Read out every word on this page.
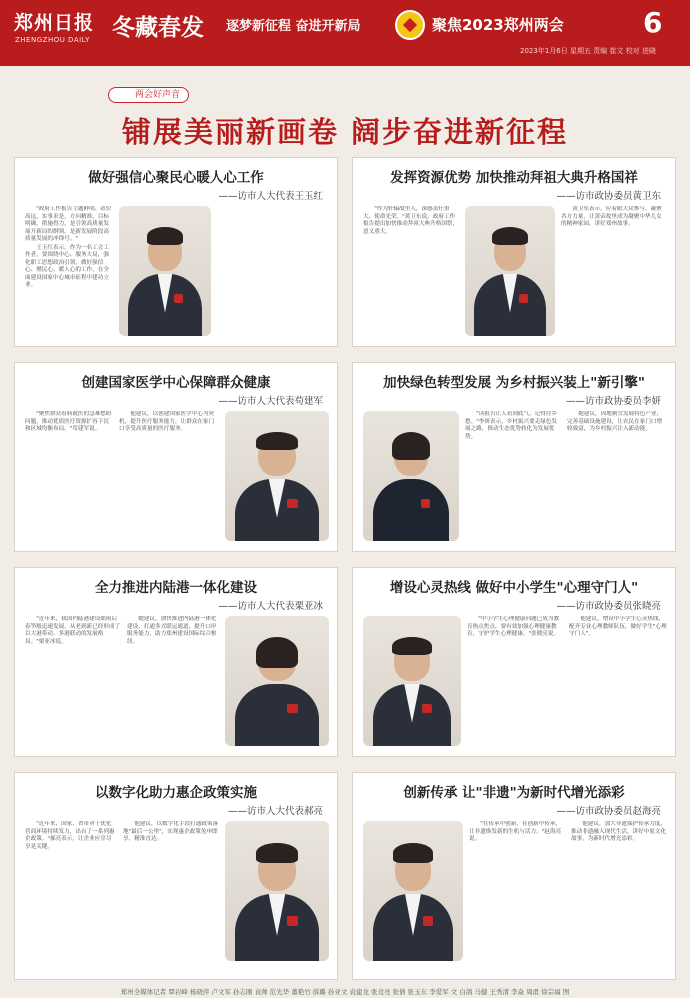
郑州日报
ZHENGZHOU DAILY 冬藏春发 逐梦新征程 奋进开新局	聚焦2023郑州两会	6
2023年1月6日 星期五 责编 崔文 校对 进晓
两会好声音
铺展美丽新画卷 阔步奋进新征程
做好强信心聚民心暖人心工作
——访市人大代表王玉红

"政府工作报告主题鲜明、站位高远，实事求是，方向精准，目标明确、措施得力，是引领高质量发展开新局的纲领，是新发展阶段高质量发展的冲锋号。"

王玉红表示，作为一名工会工作者，要围绕中心、服务大局，强化职工思想政治引领，做好强信心、聚民心、暖人心的工作，在全面建设国家中心城市征程中建功立业。

发挥资源优势 加快推动拜祖大典升格国祥
——访市政协委员黄卫东

"作为轩辕故里人，深感责任重大、使命光荣。"黄卫东说，政府工作报告提出加快推动拜祖大典升格国祭，意义重大。

黄卫东表示，应着眼大众参与、凝聚各方力量，让黄帝故里成为凝聚中华儿女的精神家园，讲好郑州故事。

创建国家医学中心保障群众健康
——访市人大代表苟建军

"聚焦群众看病就医的急难愁盼问题，推动优质医疗资源扩容下沉和区域均衡布局。"苟建军说。

他建议，以创建国家医学中心为契机，提升医疗服务能力，让群众在家门口享受高质量的医疗服务。

加快绿色转型发展 为乡村振兴装上"新引擎"
——访市政协委员李妍

"读报告让人看到底气，记得住乡愁。"李妍表示，乡村振兴要走绿色发展之路，推动生态优势转化为发展优势。

她建议，因地制宜发展特色产业，完善基础设施建设，让农民在家门口增收致富，为乡村振兴注入新动能。

全力推进内陆港一体化建设
——访市人大代表栗亚冰

"近年来，我国内陆港建设如雨后春笋般迅速发展，从老到新已经形成了以大港带动、多港联动的发展格局。"栗亚冰说。

她建议，加快推进内陆港一体化建设，打通多式联运通道，提升口岸服务能力，助力郑州建设国际综合枢纽。

增设心灵热线 做好中小学生"心理守门人"
——访市政协委员张晓亮

"中小学生心理健康问题已成为教育热点焦点，要有效加强心理健康教育，守护学生心理健康。"张晓亮说。

他建议，增设中小学生心灵热线，配齐专业心理教师队伍，做好学生"心理守门人"。

以数字化助力惠企政策实施
——访市人大代表郝亮

"近年来，国家、省市对于优化营商环境持续发力，出台了一系列惠企政策。"郝亮表示，让企业应享尽享是关键。

他建议，以数字化手段打通政策落地"最后一公里"，实现惠企政策免申即享、精准直达。

创新传承 让"非遗"为新时代增光添彩
——访市政协委员赵海亮

"在传承中创新，在创新中传承，让非遗焕发新的生机与活力。"赵海亮说。

他建议，加大非遗保护传承力度，推动非遗融入现代生活，讲好中原文化故事，为新时代增光添彩。

郑州全媒体记者 覃岩峰 杨晓萍 卢文军 孙志刚 袁帅 范光华 董艳竹 薛璐 孙亚文 袁建龙 张竞亮 张倩 张玉东 李爱军 文 白鸽 马健 王秀清 李焱 周甬 徐宗福 图
